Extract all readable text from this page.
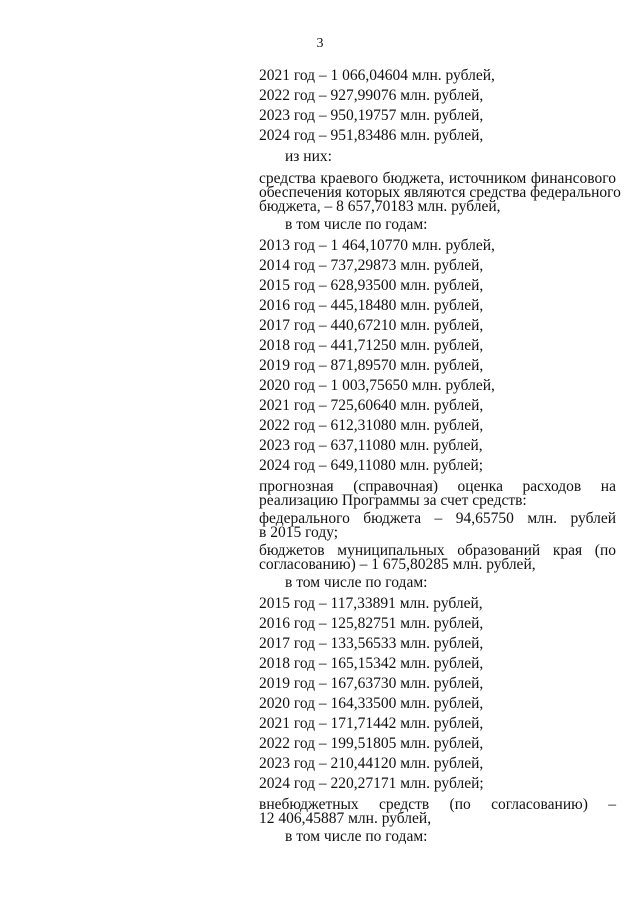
3
2021 год – 1 066,04604 млн. рублей,
2022 год – 927,99076 млн. рублей,
2023 год – 950,19757 млн. рублей,
2024 год – 951,83486 млн. рублей,
из них:
средства краевого бюджета, источником финансового
обеспечения которых являются средства федерального
бюджета, – 8 657,70183 млн. рублей,
в том числе по годам:
2013 год – 1 464,10770 млн. рублей,
2014 год – 737,29873 млн. рублей,
2015 год – 628,93500 млн. рублей,
2016 год – 445,18480 млн. рублей,
2017 год – 440,67210 млн. рублей,
2018 год – 441,71250 млн. рублей,
2019 год – 871,89570 млн. рублей,
2020 год – 1 003,75650 млн. рублей,
2021 год – 725,60640 млн. рублей,
2022 год – 612,31080 млн. рублей,
2023 год – 637,11080 млн. рублей,
2024 год – 649,11080 млн. рублей;
прогнозная (справочная) оценка расходов на
реализацию Программы за счет средств:
федерального бюджета – 94,65750 млн. рублей
в 2015 году;
бюджетов муниципальных образований края (по
согласованию) – 1 675,80285 млн. рублей,
в том числе по годам:
2015 год – 117,33891 млн. рублей,
2016 год – 125,82751 млн. рублей,
2017 год – 133,56533 млн. рублей,
2018 год – 165,15342 млн. рублей,
2019 год – 167,63730 млн. рублей,
2020 год – 164,33500 млн. рублей,
2021 год – 171,71442 млн. рублей,
2022 год – 199,51805 млн. рублей,
2023 год – 210,44120 млн. рублей,
2024 год – 220,27171 млн. рублей;
внебюджетных средств (по согласованию) –
12 406,45887 млн. рублей,
в том числе по годам:
